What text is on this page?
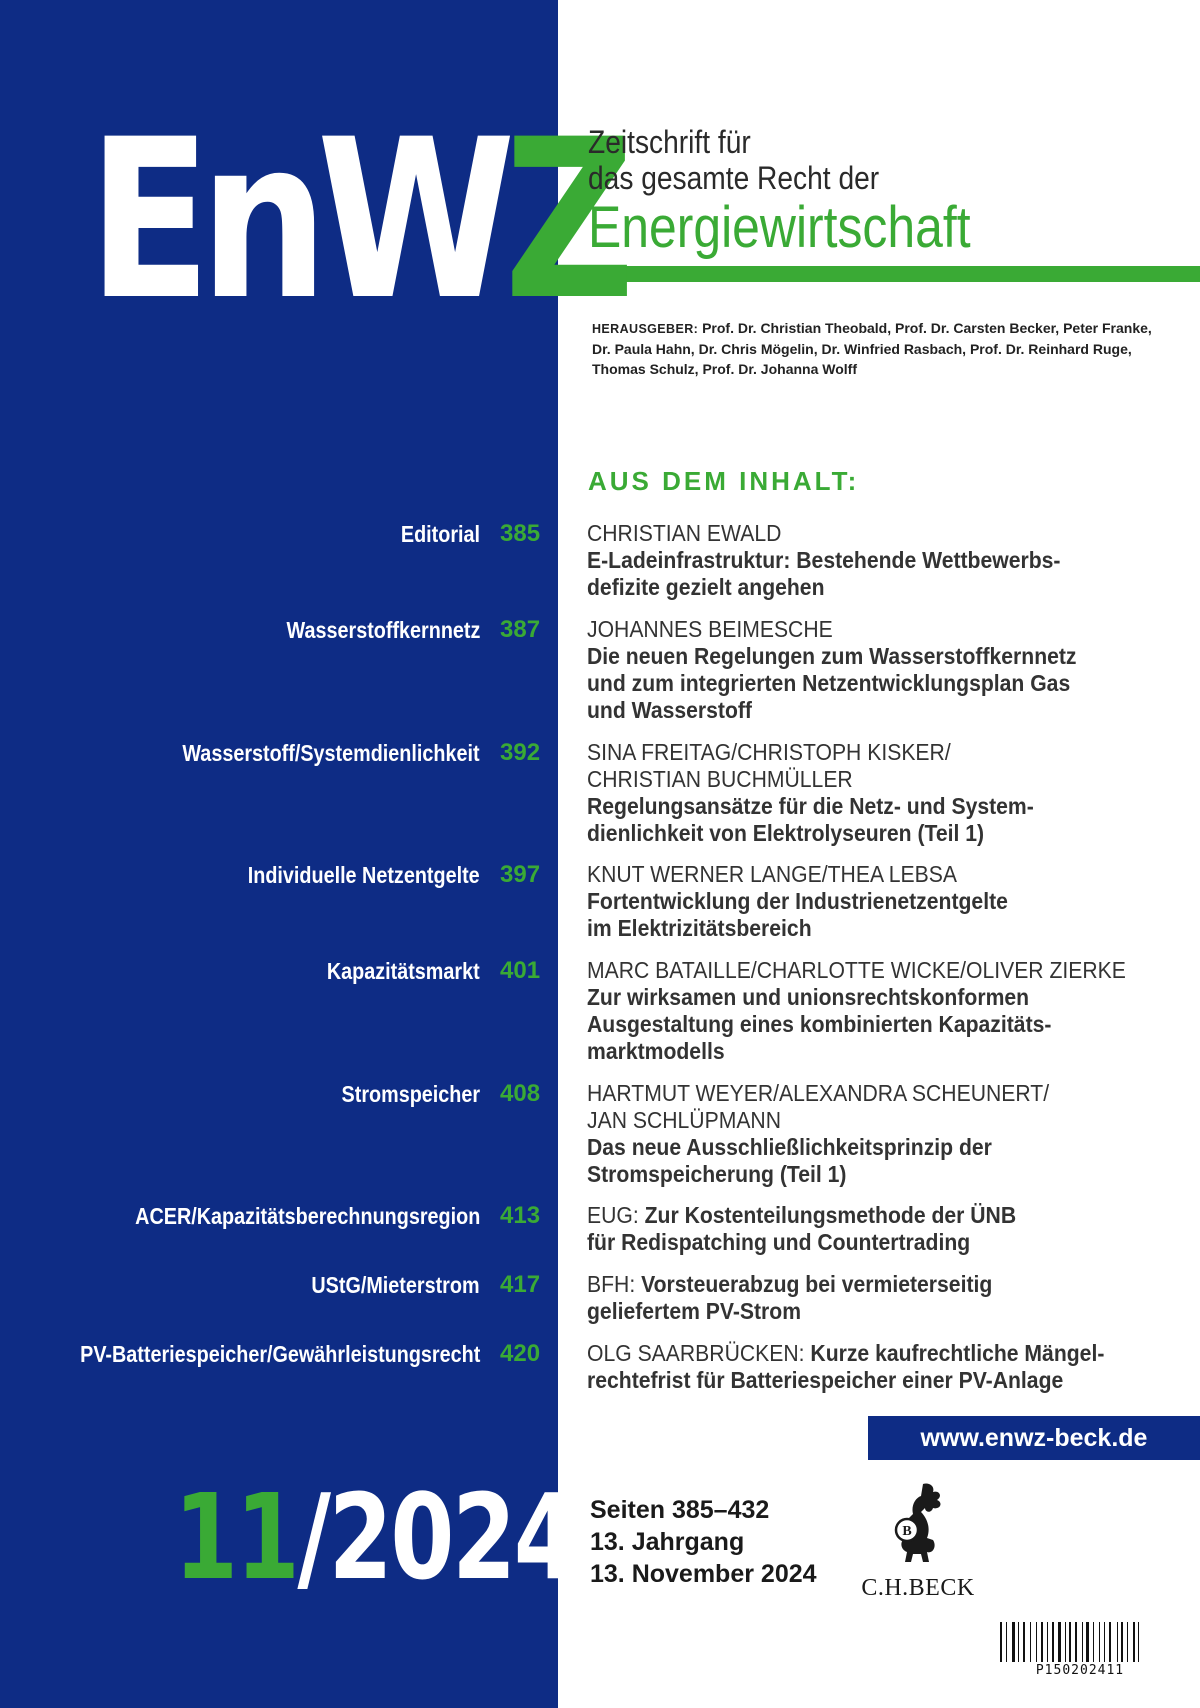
EnWZ
Zeitschrift für
das gesamte Recht der
Energiewirtschaft
HERAUSGEBER: Prof. Dr. Christian Theobald, Prof. Dr. Carsten Becker, Peter Franke, Dr. Paula Hahn, Dr. Chris Mögelin, Dr. Winfried Rasbach, Prof. Dr. Reinhard Ruge, Thomas Schulz, Prof. Dr. Johanna Wolff
AUS DEM INHALT:
Editorial 385 CHRISTIAN EWALD
E-Ladeinfrastruktur: Bestehende Wettbewerbs-
defizite gezielt angehen
Wasserstoffkernnetz 387 JOHANNES BEIMESCHE
Die neuen Regelungen zum Wasserstoffkernnetz
und zum integrierten Netzentwicklungsplan Gas
und Wasserstoff
Wasserstoff/Systemdienlichkeit 392 SINA FREITAG/CHRISTOPH KISKER/
CHRISTIAN BUCHMÜLLER
Regelungsansätze für die Netz- und System-
dienlichkeit von Elektrolyseuren (Teil 1)
Individuelle Netzentgelte 397 KNUT WERNER LANGE/THEA LEBSA
Fortentwicklung der Industrienetzentgelte
im Elektrizitätsbereich
Kapazitätsmarkt 401 MARC BATAILLE/CHARLOTTE WICKE/OLIVER ZIERKE
Zur wirksamen und unionsrechtskonformen
Ausgestaltung eines kombinierten Kapazitäts-
marktmodells
Stromspeicher 408 HARTMUT WEYER/ALEXANDRA SCHEUNERT/
JAN SCHLÜPMANN
Das neue Ausschließlichkeitsprinzip der
Stromspeicherung (Teil 1)
ACER/Kapazitätsberechnungsregion 413 EUG: Zur Kostenteilungsmethode der ÜNB
für Redispatching und Countertrading
UStG/Mieterstrom 417 BFH: Vorsteuerabzug bei vermieterseitig
geliefertem PV-Strom
PV-Batteriespeicher/Gewährleistungsrecht 420 OLG SAARBRÜCKEN: Kurze kaufrechtliche Mängel-
rechtefrist für Batteriespeicher einer PV-Anlage
www.enwz-beck.de
11/2024 Seiten 385–432
13. Jahrgang
13. November 2024
B
C.H.BECK
P150202411
